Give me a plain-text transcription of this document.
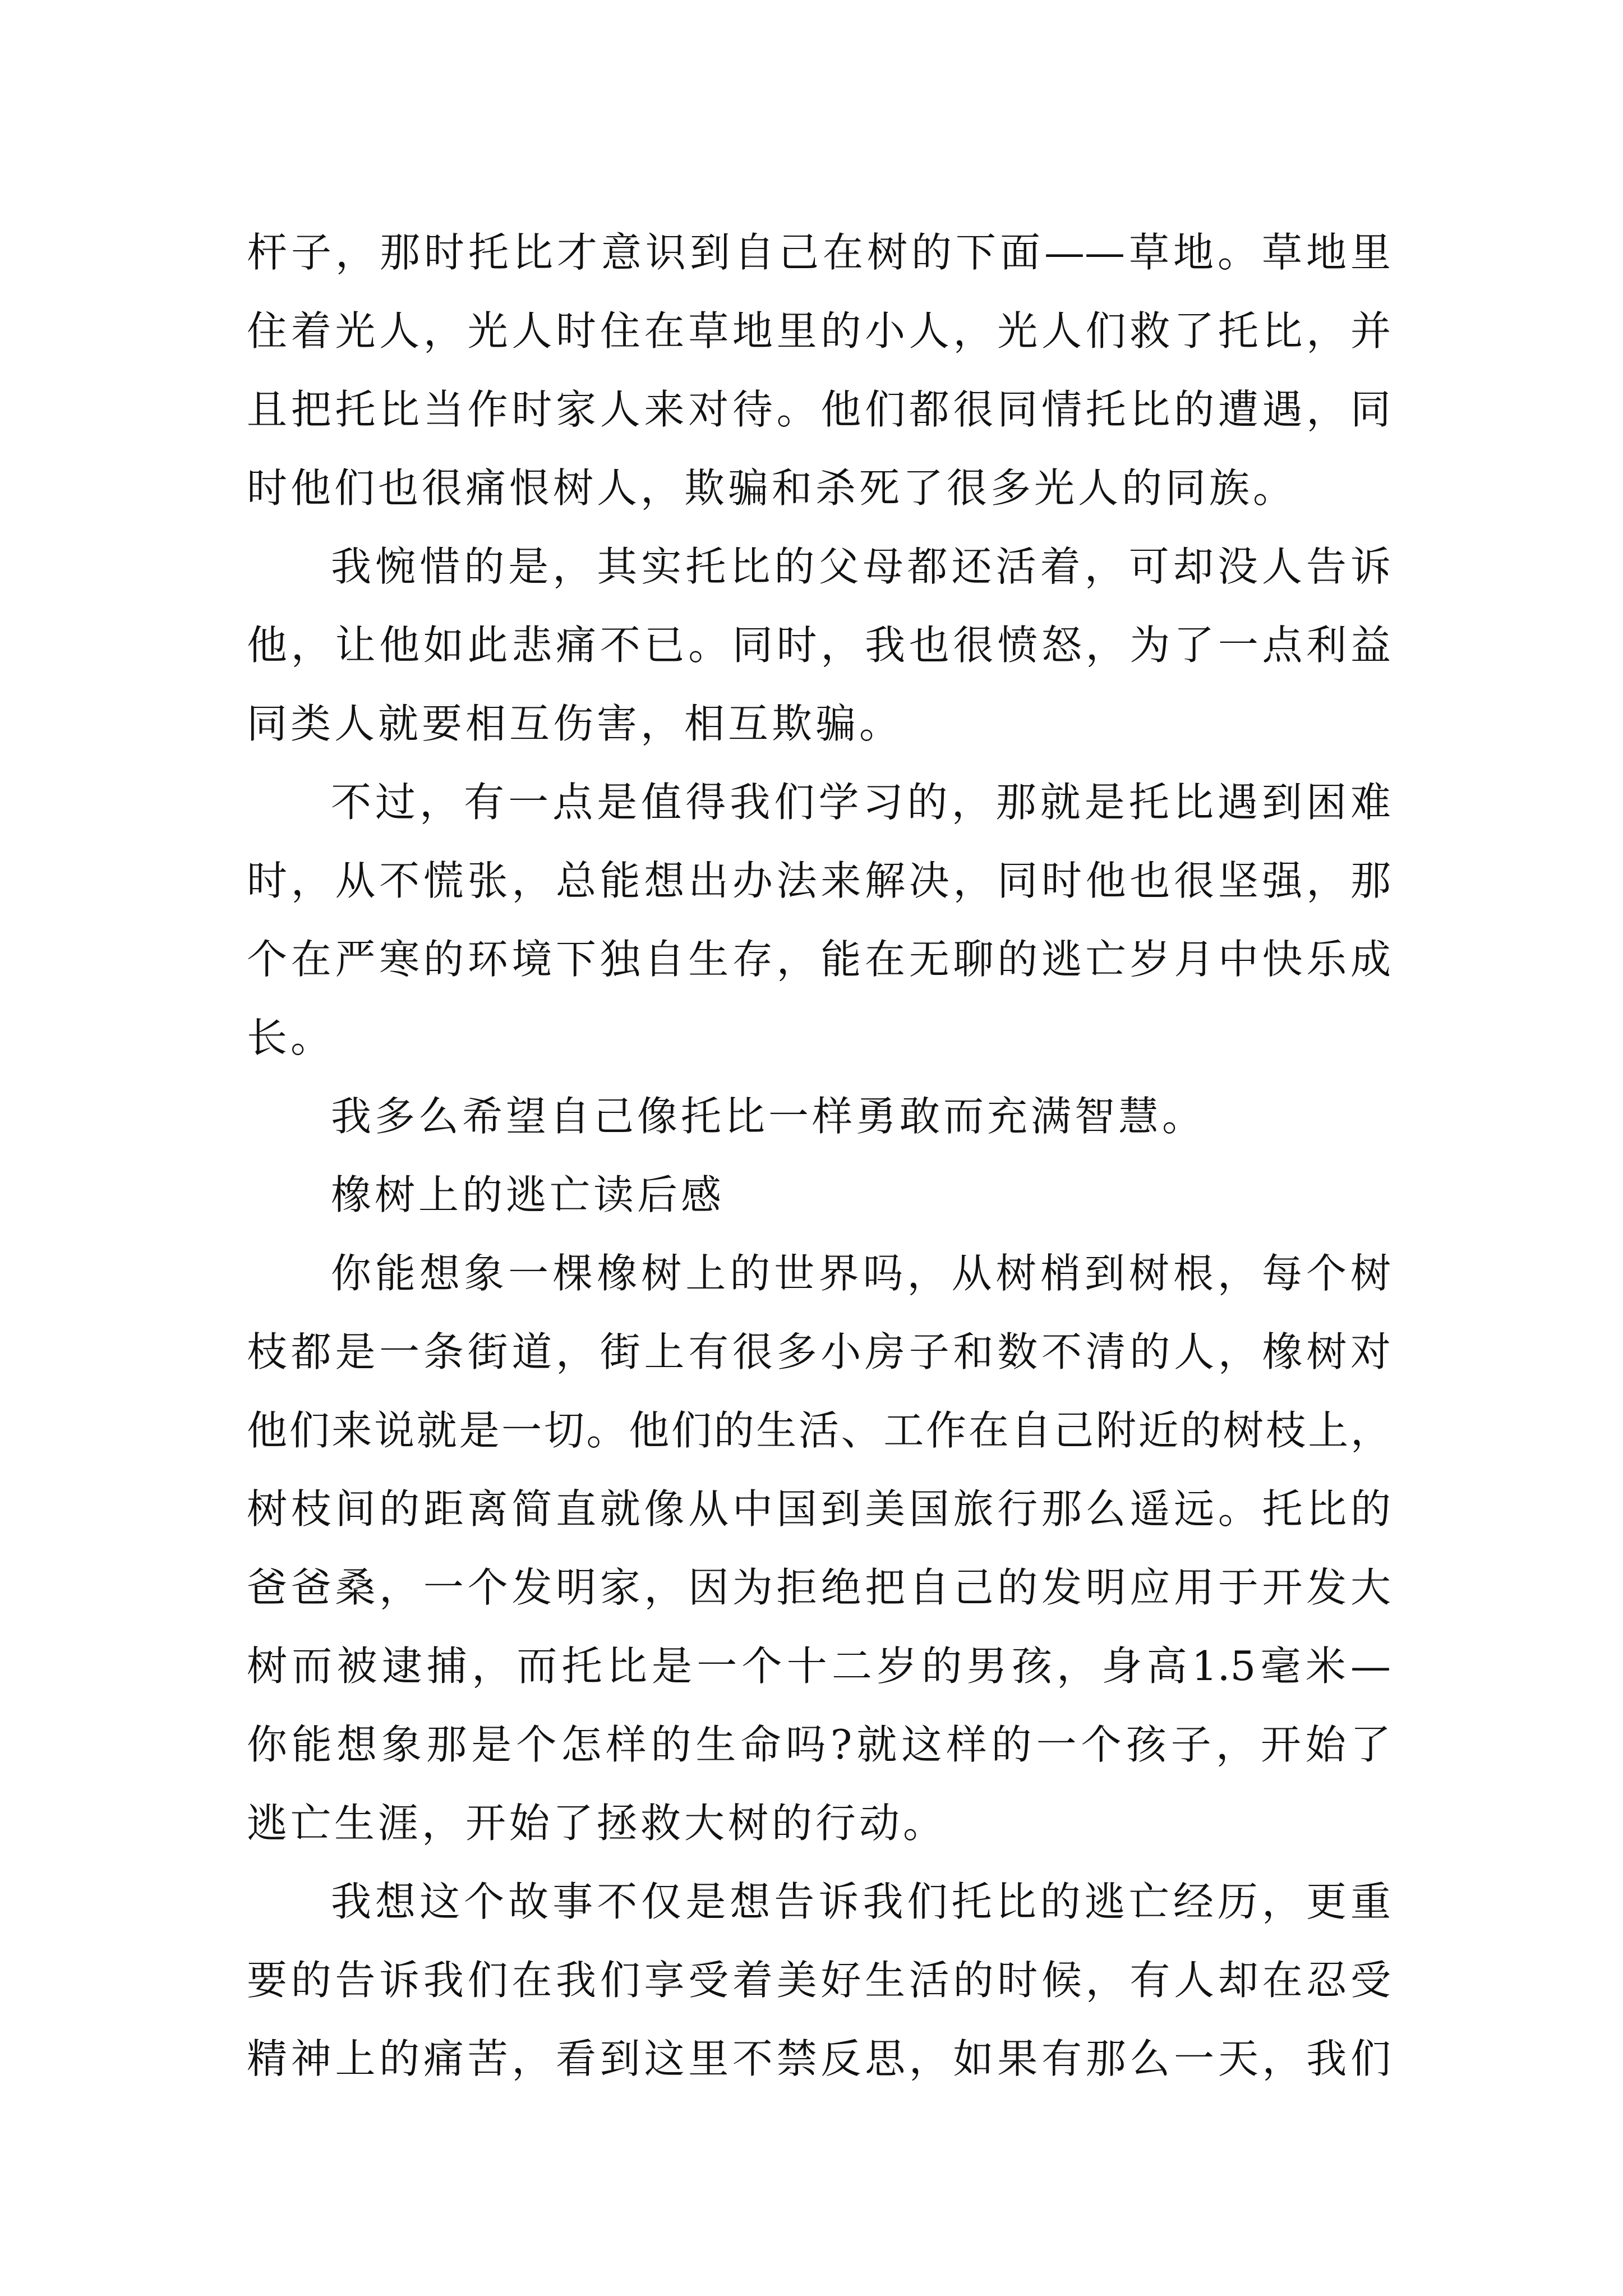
杆子，那时托比才意识到自己在树的下面——草地。草地里
住着光人，光人时住在草地里的小人，光人们救了托比，并
且把托比当作时家人来对待。他们都很同情托比的遭遇，同
时他们也很痛恨树人，欺骗和杀死了很多光人的同族。
我惋惜的是，其实托比的父母都还活着，可却没人告诉
他，让他如此悲痛不已。同时，我也很愤怒，为了一点利益
同类人就要相互伤害，相互欺骗。
不过，有一点是值得我们学习的，那就是托比遇到困难
时，从不慌张，总能想出办法来解决，同时他也很坚强，那
个在严寒的环境下独自生存，能在无聊的逃亡岁月中快乐成
长。
我多么希望自己像托比一样勇敢而充满智慧。
橡树上的逃亡读后感
你能想象一棵橡树上的世界吗，从树梢到树根，每个树
枝都是一条街道，街上有很多小房子和数不清的人，橡树对
他们来说就是一切。他们的生活、工作在自己附近的树枝上，
树枝间的距离简直就像从中国到美国旅行那么遥远。托比的
爸爸桑，一个发明家，因为拒绝把自己的发明应用于开发大
树而被逮捕，而托比是一个十二岁的男孩，身高1.5毫米—
你能想象那是个怎样的生命吗?就这样的一个孩子，开始了
逃亡生涯，开始了拯救大树的行动。
我想这个故事不仅是想告诉我们托比的逃亡经历，更重
要的告诉我们在我们享受着美好生活的时候，有人却在忍受
精神上的痛苦，看到这里不禁反思，如果有那么一天，我们
